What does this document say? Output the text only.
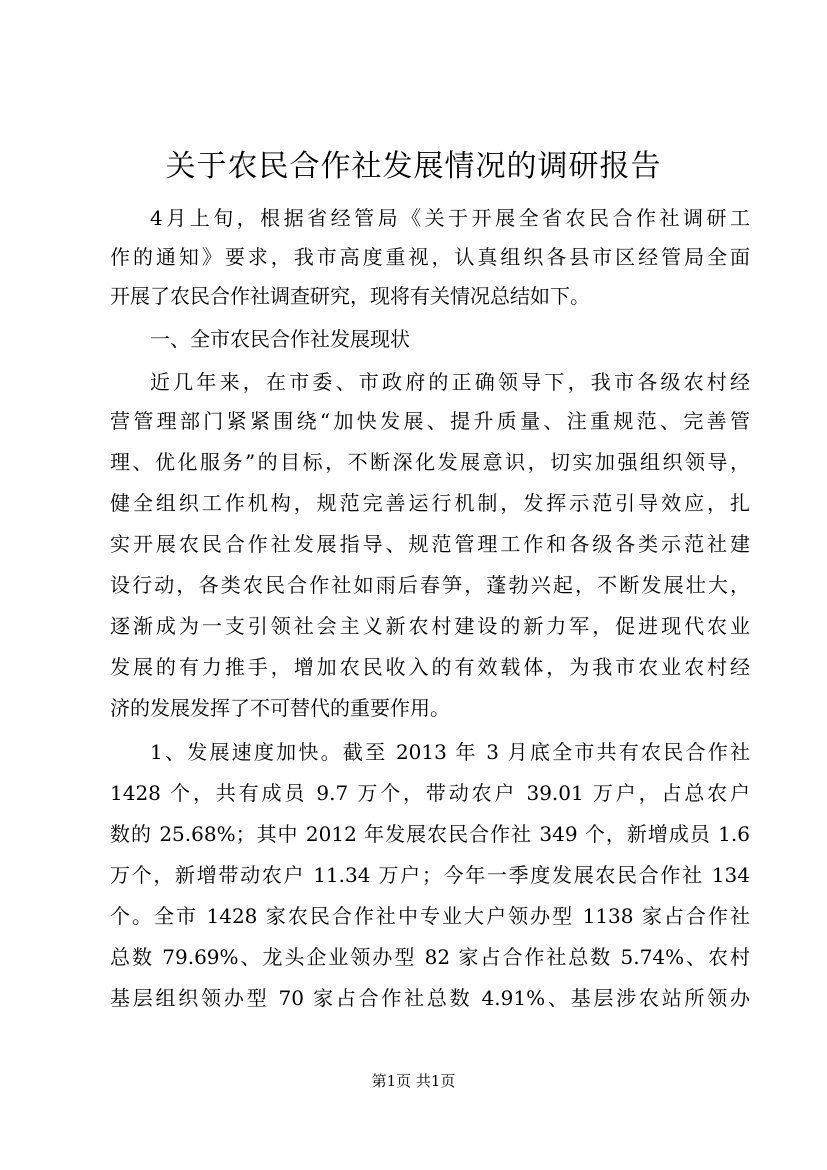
关于农民合作社发展情况的调研报告

4月上旬，根据省经管局《关于开展全省农民合作社调研工

作的通知》要求，我市高度重视，认真组织各县市区经管局全面

开展了农民合作社调查研究，现将有关情况总结如下。

一、全市农民合作社发展现状

近几年来，在市委、市政府的正确领导下，我市各级农村经

营管理部门紧紧围绕“加快发展、提升质量、注重规范、完善管

理、优化服务”的目标，不断深化发展意识，切实加强组织领导，

健全组织工作机构，规范完善运行机制，发挥示范引导效应，扎

实开展农民合作社发展指导、规范管理工作和各级各类示范社建

设行动，各类农民合作社如雨后春笋，蓬勃兴起，不断发展壮大，

逐渐成为一支引领社会主义新农村建设的新力军，促进现代农业

发展的有力推手，增加农民收入的有效载体，为我市农业农村经

济的发展发挥了不可替代的重要作用。

1、发展速度加快。截至 2013 年 3 月底全市共有农民合作社

1428 个，共有成员 9.7 万个，带动农户 39.01 万户，占总农户

数的 25.68%；其中 2012 年发展农民合作社 349 个，新增成员 1.6

万个，新增带动农户 11.34 万户；今年一季度发展农民合作社 134

个。全市 1428 家农民合作社中专业大户领办型 1138 家占合作社

总数 79.69%、龙头企业领办型 82 家占合作社总数 5.74%、农村

基层组织领办型 70 家占合作社总数 4.91%、基层涉农站所领办

第1页 共1页
